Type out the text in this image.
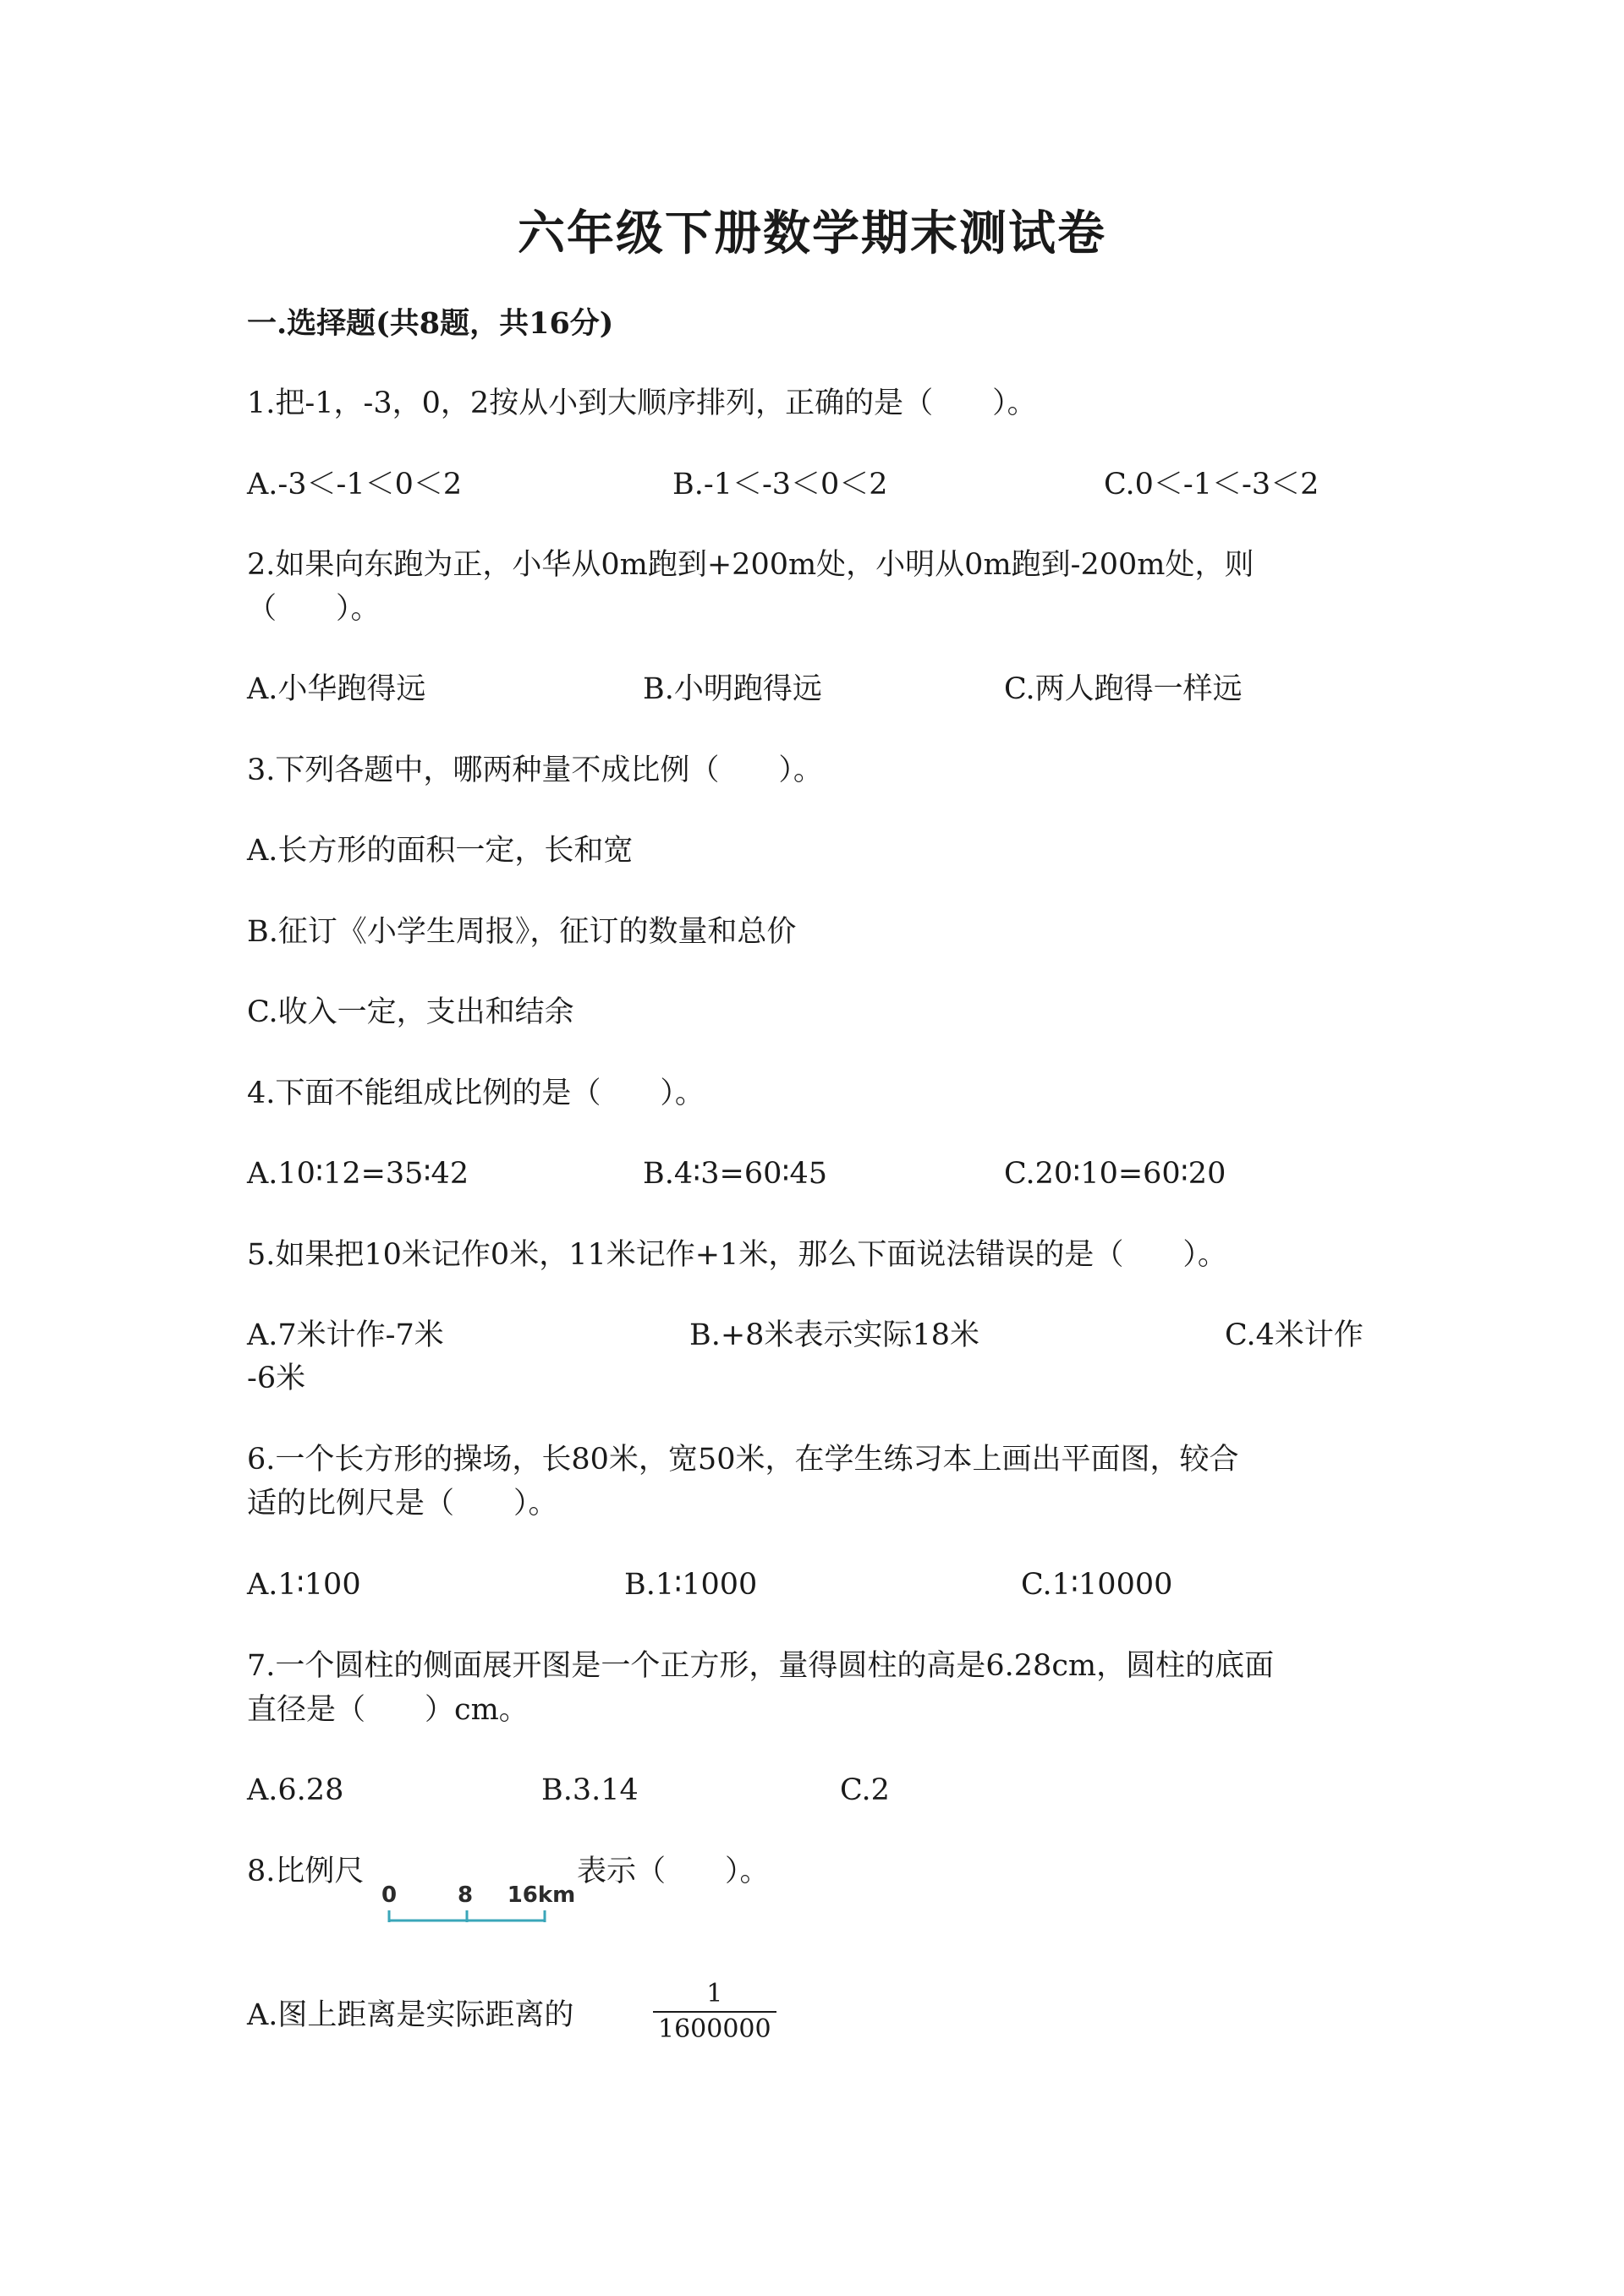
六年级下册数学期末测试卷
一.选择题(共8题，共16分)
1.把-1，-3，0，2按从小到大顺序排列，正确的是（　　）。
A.-3＜-1＜0＜2	B.-1＜-3＜0＜2	C.0＜-1＜-3＜2
2.如果向东跑为正，小华从0m跑到+200m处，小明从0m跑到-200m处，则
（　　）。
A.小华跑得远	B.小明跑得远	C.两人跑得一样远
3.下列各题中，哪两种量不成比例（　　）。
A.长方形的面积一定，长和宽
B.征订《小学生周报》，征订的数量和总价
C.收入一定，支出和结余
4.下面不能组成比例的是（　　）。
A.10∶12=35∶42	B.4∶3=60∶45	C.20∶10=60∶20
5.如果把10米记作0米，11米记作+1米，那么下面说法错误的是（　　）。
A.7米计作-7米	B.+8米表示实际18米	C.4米计作
-6米
6.一个长方形的操场，长80米，宽50米，在学生练习本上画出平面图，较合
适的比例尺是（　　）。
A.1∶100	B.1∶1000	C.1∶10000
7.一个圆柱的侧面展开图是一个正方形，量得圆柱的高是6.28cm，圆柱的底面
直径是（　　）cm。
A.6.28	B.3.14	C.2
8.比例尺
0	8 16km
表示（　　）。
A.图上距离是实际距离的	$\frac{1}{1600000}$
